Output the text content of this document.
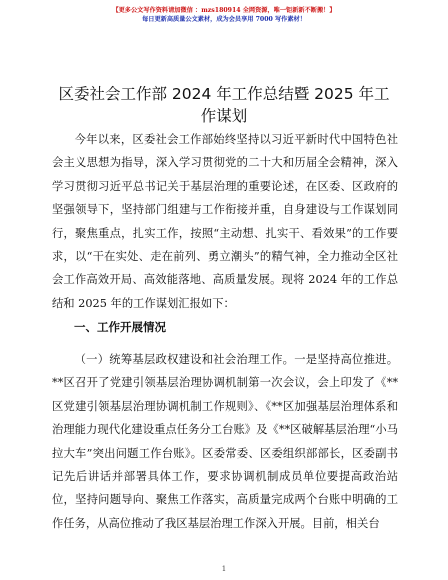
【更多公文写作资料请加微信 ：mzs180914 全网资源，唯一钜新新不断搬！】
每日更新高质量公文素材，成为会员享用 7000 写作素材！
区委社会工作部 2024 年工作总结暨 2025 年工作谋划

今年以来，区委社会工作部始终坚持以习近平新时代中国特色社会主义思想为指导，深入学习贯彻党的二十大和历届全会精神，深入学习贯彻习近平总书记关于基层治理的重要论述，在区委、区政府的坚强领导下，坚持部门组建与工作衔接并重，自身建设与工作谋划同行，聚焦重点，扎实工作，按照“主动想、扎实干、看效果”的工作要求，以“干在实处、走在前列、勇立潮头”的精气神，全力推动全区社会工作高效开局、高效能落地、高质量发展。现将 2024 年的工作总结和 2025 年的工作谋划汇报如下：

一、工作开展情况

（一）统筹基层政权建设和社会治理工作。一是坚持高位推进。**区召开了党建引领基层治理协调机制第一次会议，会上印发了《**区党建引领基层治理协调机制工作规则》、《**区加强基层治理体系和治理能力现代化建设重点任务分工台账》及《**区破解基层治理“小马拉大车”突出问题工作台账》。区委常委、区委组织部部长，区委副书记先后讲话并部署具体工作，要求协调机制成员单位要提高政治站位，坚持问题导向、聚焦工作落实，高质量完成两个台账中明确的工作任务，从高位推动了我区基层治理工作深入开展。目前，相关台

1
